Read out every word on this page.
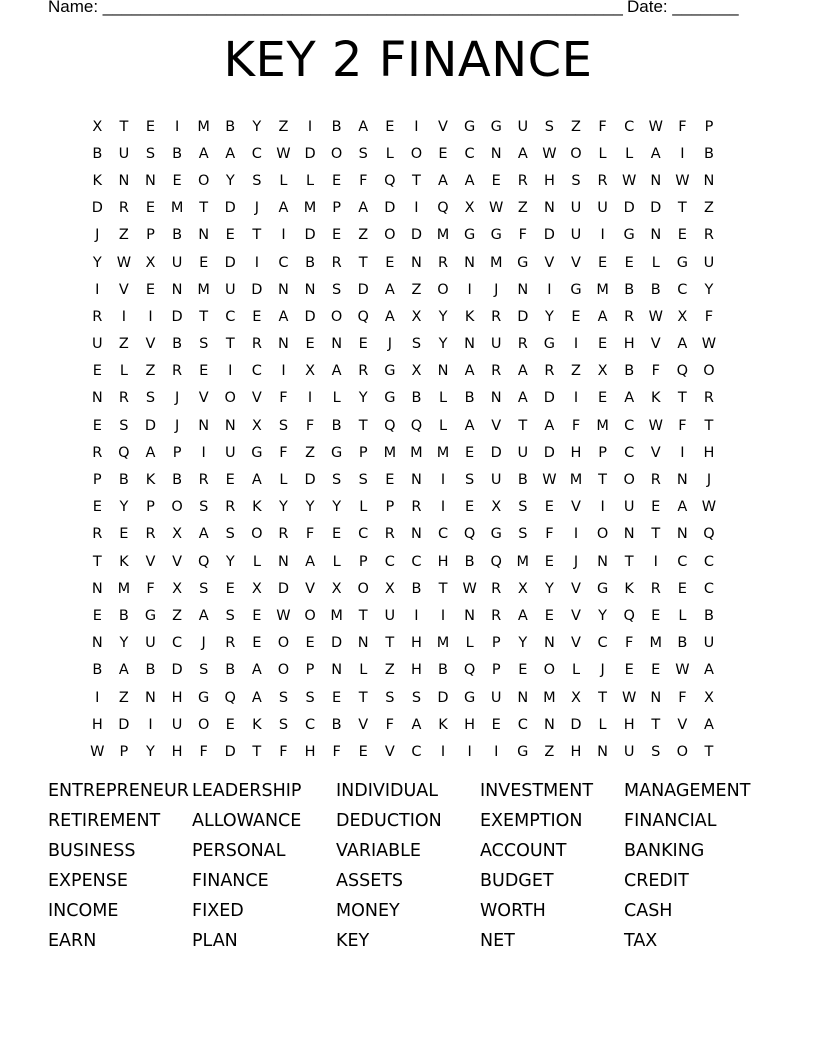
Name: _______________________________________________________ Date: _______
KEY 2 FINANCE
X	T	E	I	M	B	Y	Z	I	B	A	E	I	V	G	G	U	S	Z	F	C W	F	P
B	U	S	B	A	A	C W D	O	S	L	O	E	C	N	A W O	L	L	A	I	B
K	N	N	E	O	Y	S	L	L	E	F	Q	T	A	A	E	R	H	S	R W N W N
D	R	E	M	T	D	J	A	M	P	A	D	I	Q	X W Z	N	U	U	D	D	T	Z
J	Z	P	B	N	E	T	I	D	E	Z	O	D	M	G	G	F	D	U	I	G	N	E	R
Y	W X	U	E	D	I	C	B	R	T	E	N	R	N	M	G	V	V	E	E	L	G	U
I	V	E	N	M	U	D	N	N	S	D	A	Z	O	I	J	N	I	G	M	B	B	C	Y
R	I	I	D	T	C	E	A	D	O	Q	A	X	Y	K	R	D	Y	E	A	R W X	F
U	Z	V	B	S	T	R	N	E	N	E	J	S	Y	N	U	R	G	I	E	H	V	A W
E	L	Z	R	E	I	C	I	X	A	R	G	X	N	A	R	A	R	Z	X	B	F	Q	O
N	R	S	J	V	O	V	F	I	L	Y	G	B	L	B	N	A	D	I	E	A	K	T	R
E	S	D	J	N	N	X	S	F	B	T	Q	Q	L	A	V	T	A	F	M	C W	F	T
R	Q	A	P	I	U	G	F	Z	G	P	M M M	E	D	U	D	H	P	C	V	I	H
P	B	K	B	R	E	A	L	D	S	S	E	N	I	S	U	B W M	T	O	R	N	J
E	Y	P	O	S	R	K	Y	Y	Y	L	P	R	I	E	X	S	E	V	I	U	E	A W
R	E	R	X	A	S	O	R	F	E	C	R	N	C	Q	G	S	F	I	O	N	T	N	Q
T	K	V	V	Q	Y	L	N	A	L	P	C	C	H	B	Q	M	E	J	N	T	I	C	C
N	M	F	X	S	E	X	D	V	X	O	X	B	T	W R	X	Y	V	G	K	R	E	C
E	B	G	Z	A	S	E	W O	M	T	U	I	I	N	R	A	E	V	Y	Q	E	L	B
N	Y	U	C	J	R	E	O	E	D	N	T	H	M	L	P	Y	N	V	C	F	M	B	U
B	A	B	D	S	B	A	O	P	N	L	Z	H	B	Q	P	E	O	L	J	E	E	W A
I	Z	N	H	G	Q	A	S	S	E	T	S	S	D	G	U	N	M	X	T	W N	F	X
H	D	I	U	O	E	K	S	C	B	V	F	A	K	H	E	C	N	D	L	H	T	V	A
W	P	Y	H	F	D	T	F	H	F	E	V	C	I	I	I	G	Z	H	N	U	S	O	T
ENTREPRENEUR LEADERSHIP	INDIVIDUAL	INVESTMENT	MANAGEMENT
RETIREMENT	ALLOWANCE	DEDUCTION	EXEMPTION	FINANCIAL
BUSINESS	PERSONAL	VARIABLE	ACCOUNT	BANKING
EXPENSE	FINANCE	ASSETS	BUDGET	CREDIT
INCOME	FIXED	MONEY	WORTH	CASH
EARN	PLAN	KEY	NET	TAX
